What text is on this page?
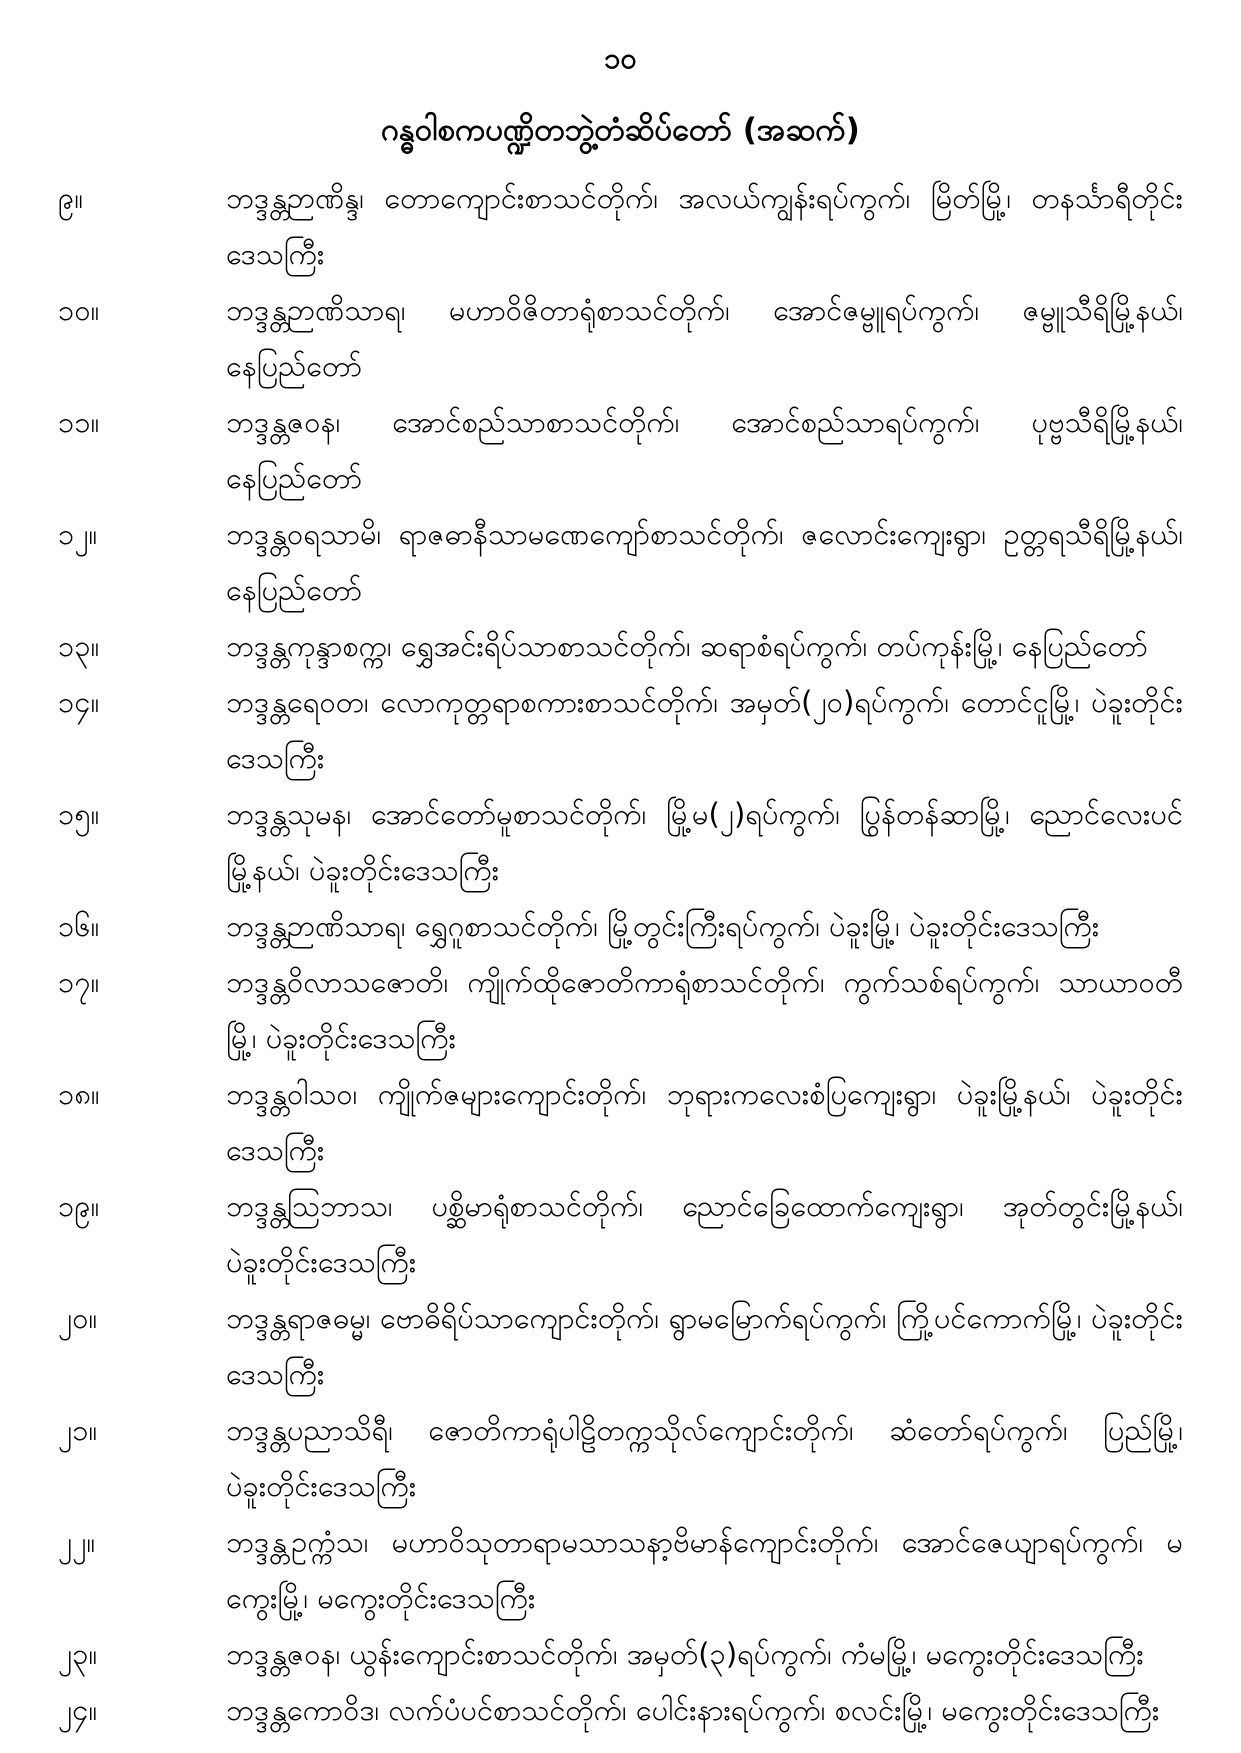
၁၀
ဂန္ဓဝါစကပဏ္ဍိတဘွဲ့တံဆိပ်တော် (အဆက်)
၉။	ဘဒ္ဒန္တဉာဏိန္ဒ၊ တောကျောင်းစာသင်တိုက်၊ အလယ်ကျွန်းရပ်ကွက်၊ မြိတ်မြို့၊ တနင်္သာရီတိုင်းဒေသကြီး
၁၀။	ဘဒ္ဒန္တဉာဏိသာရ၊ မဟာဝိဇိတာရုံစာသင်တိုက်၊ အောင်ဇမ္ဗူရပ်ကွက်၊ ဇမ္ဗူသီရိမြို့နယ်၊ နေပြည်တော်
၁၁။	ဘဒ္ဒန္တဇဝန၊ အောင်စည်သာစာသင်တိုက်၊ အောင်စည်သာရပ်ကွက်၊ ပုဗ္ဗသီရိမြို့နယ်၊ နေပြည်တော်
၁၂။	ဘဒ္ဒန္တဝရသာမိ၊ ရာဇဓာနီသာမဏေကျော်စာသင်တိုက်၊ ဇလောင်းကျေးရွာ၊ ဥတ္တရသီရိမြို့နယ်၊ နေပြည်တော်
၁၃။	ဘဒ္ဒန္တကုန္ဒာစက္က၊ ရွှေအင်းရိပ်သာစာသင်တိုက်၊ ဆရာစံရပ်ကွက်၊ တပ်ကုန်းမြို့၊ နေပြည်တော်
၁၄။	ဘဒ္ဒန္တရေဝတ၊ လောကုတ္တရာစကားစာသင်တိုက်၊ အမှတ်(၂၀)ရပ်ကွက်၊ တောင်ငူမြို့၊ ပဲခူးတိုင်းဒေသကြီး
၁၅။	ဘဒ္ဒန္တသုမန၊ အောင်တော်မူစာသင်တိုက်၊ မြို့မ(၂)ရပ်ကွက်၊ ပြွန်တန်ဆာမြို့၊ ညောင်လေးပင်မြို့နယ်၊ ပဲခူးတိုင်းဒေသကြီး
၁၆။	ဘဒ္ဒန္တဉာဏိသာရ၊ ရွှေဂူစာသင်တိုက်၊ မြို့တွင်းကြီးရပ်ကွက်၊ ပဲခူးမြို့၊ ပဲခူးတိုင်းဒေသကြီး
၁၇။	ဘဒ္ဒန္တဝိလာသဇောတိ၊ ကျိုက်ထိုဇောတိကာရုံစာသင်တိုက်၊ ကွက်သစ်ရပ်ကွက်၊ သာယာဝတီမြို့၊ ပဲခူးတိုင်းဒေသကြီး
၁၈။	ဘဒ္ဒန္တဝါသဝ၊ ကျိုက်ဇများကျောင်းတိုက်၊ ဘုရားကလေးစံပြကျေးရွာ၊ ပဲခူးမြို့နယ်၊ ပဲခူးတိုင်းဒေသကြီး
၁၉။	ဘဒ္ဒန္တဩဘာသ၊ ပစ္ဆိမာရုံစာသင်တိုက်၊ ညောင်ခြေထောက်ကျေးရွာ၊ အုတ်တွင်းမြို့နယ်၊ ပဲခူးတိုင်းဒေသကြီး
၂၀။	ဘဒ္ဒန္တရာဇဓမ္မ၊ ဗောဓိရိပ်သာကျောင်းတိုက်၊ ရွာမမြောက်ရပ်ကွက်၊ ကြို့ပင်ကောက်မြို့၊ ပဲခူးတိုင်းဒေသကြီး
၂၁။	ဘဒ္ဒန္တပညာသိရီ၊ ဇောတိကာရုံပါဠိတက္ကသိုလ်ကျောင်းတိုက်၊ ဆံတော်ရပ်ကွက်၊ ပြည်မြို့၊ ပဲခူးတိုင်းဒေသကြီး
၂၂။	ဘဒ္ဒန္တဥက္ကံသ၊ မဟာဝိသုတာရာမသာသနာ့ဗိမာန်ကျောင်းတိုက်၊ အောင်ဇေယျာရပ်ကွက်၊ မကွေးမြို့၊ မကွေးတိုင်းဒေသကြီး
၂၃။	ဘဒ္ဒန္တဇဝန၊ ယွန်းကျောင်းစာသင်တိုက်၊ အမှတ်(၃)ရပ်ကွက်၊ ကံမမြို့၊ မကွေးတိုင်းဒေသကြီး
၂၄။	ဘဒ္ဒန္တကောဝိဒ၊ လက်ပံပင်စာသင်တိုက်၊ ပေါင်းနားရပ်ကွက်၊ စလင်းမြို့၊ မကွေးတိုင်းဒေသကြီး
